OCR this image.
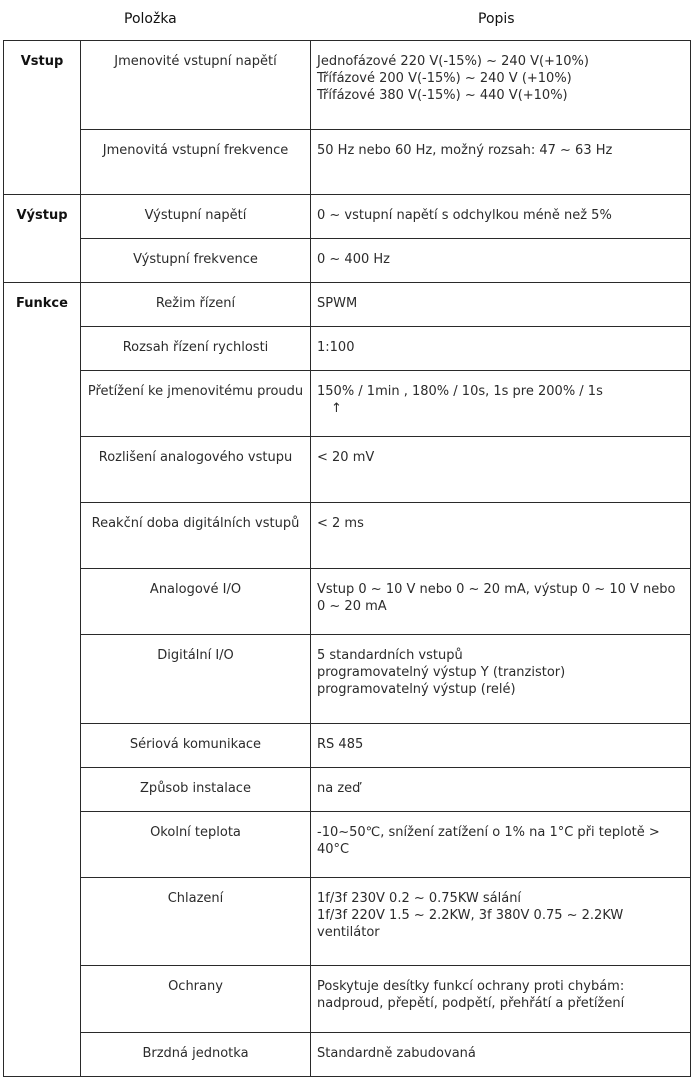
Položka	Popis
Vstup	Jmenovité vstupní napětí	Jednofázové 220 V(-15%) ~ 240 V(+10%)
Třífázové 200 V(-15%) ~ 240 V (+10%)
Třífázové 380 V(-15%) ~ 440 V(+10%)

	Jmenovitá vstupní frekvence	50 Hz nebo 60 Hz, možný rozsah: 47 ~ 63 Hz

Výstup	Výstupní napětí	0 ~ vstupní napětí s odchylkou méně než 5%

	Výstupní frekvence	0 ~ 400 Hz

Funkce	Režim řízení	SPWM

	Rozsah řízení rychlosti	1:100

	Přetížení ke jmenovitému proudu	150% / 1min , 180% / 10s, 1s pre 200% / 1s
↑

	Rozlišení analogového vstupu	< 20 mV

	Reakční doba digitálních vstupů	< 2 ms

	Analogové I/O	Vstup 0 ~ 10 V nebo 0 ~ 20 mA, výstup 0 ~ 10 V nebo 0 ~ 20 mA

	Digitální I/O	5 standardních vstupů
programovatelný výstup Y (tranzistor)
programovatelný výstup (relé)

	Sériová komunikace	RS 485

	Způsob instalace	na zeď

	Okolní teplota	-10~50℃, snížení zatížení o 1% na 1°C při teplotě > 40°C

	Chlazení	1f/3f 230V 0.2 ~ 0.75KW sálání
1f/3f 220V 1.5 ~ 2.2KW, 3f 380V 0.75 ~ 2.2KW ventilátor

	Ochrany	Poskytuje desítky funkcí ochrany proti chybám: nadproud, přepětí, podpětí, přehřátí a přetížení

	Brzdná jednotka	Standardně zabudovaná
